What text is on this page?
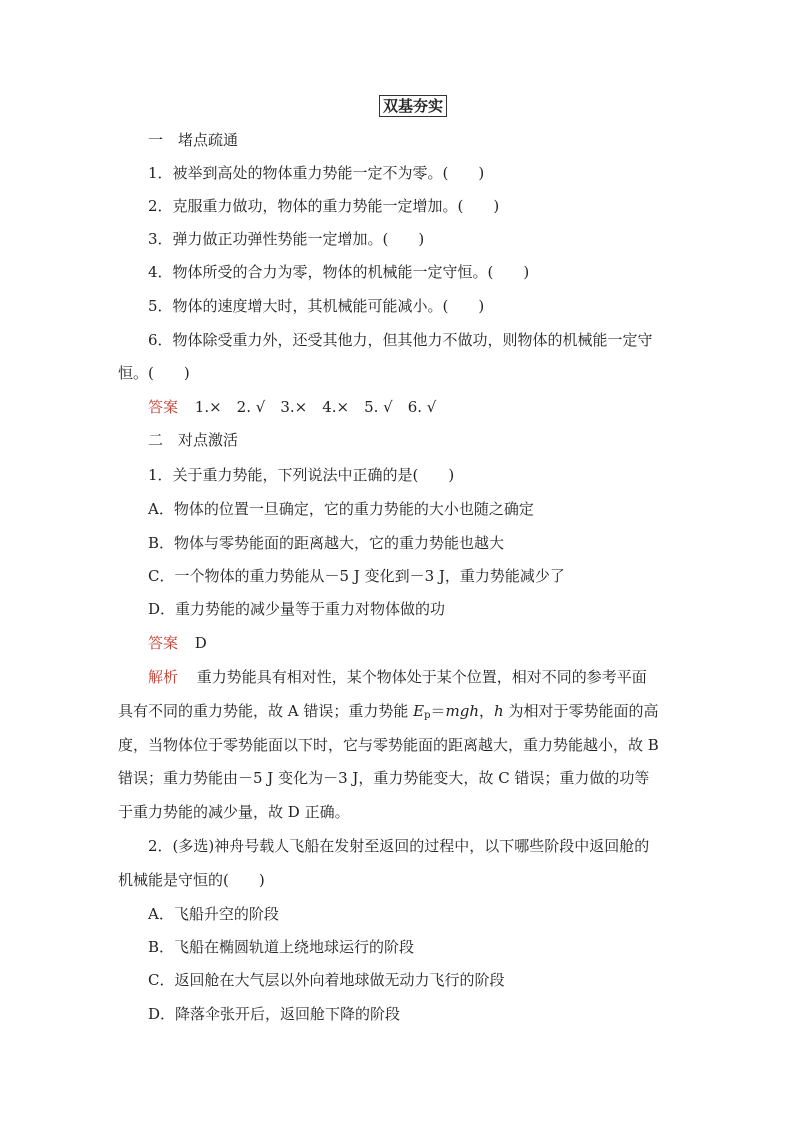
双基夯实
一　堵点疏通
1．被举到高处的物体重力势能一定不为零。(　　)
2．克服重力做功，物体的重力势能一定增加。(　　)
3．弹力做正功弹性势能一定增加。(　　)
4．物体所受的合力为零，物体的机械能一定守恒。(　　)
5．物体的速度增大时，其机械能可能减小。(　　)
6．物体除受重力外，还受其他力，但其他力不做功，则物体的机械能一定守
恒。(　　)
答案 1.×　2. √　3.×　4.×　5. √　6. √
二　对点激活
1．关于重力势能，下列说法中正确的是(　　)
A．物体的位置一旦确定，它的重力势能的大小也随之确定
B．物体与零势能面的距离越大，它的重力势能也越大
C．一个物体的重力势能从－5 J 变化到－3 J，重力势能减少了
D．重力势能的减少量等于重力对物体做的功
答案 D
解析 重力势能具有相对性，某个物体处于某个位置，相对不同的参考平面
具有不同的重力势能，故 A 错误；重力势能 $E_p=mgh$，h 为相对于零势能面的高
度，当物体位于零势能面以下时，它与零势能面的距离越大，重力势能越小，故 B
错误；重力势能由－5 J 变化为－3 J，重力势能变大，故 C 错误；重力做的功等
于重力势能的减少量，故 D 正确。
2．(多选)神舟号载人飞船在发射至返回的过程中，以下哪些阶段中返回舱的
机械能是守恒的(　　)
A．飞船升空的阶段
B．飞船在椭圆轨道上绕地球运行的阶段
C．返回舱在大气层以外向着地球做无动力飞行的阶段
D．降落伞张开后，返回舱下降的阶段
